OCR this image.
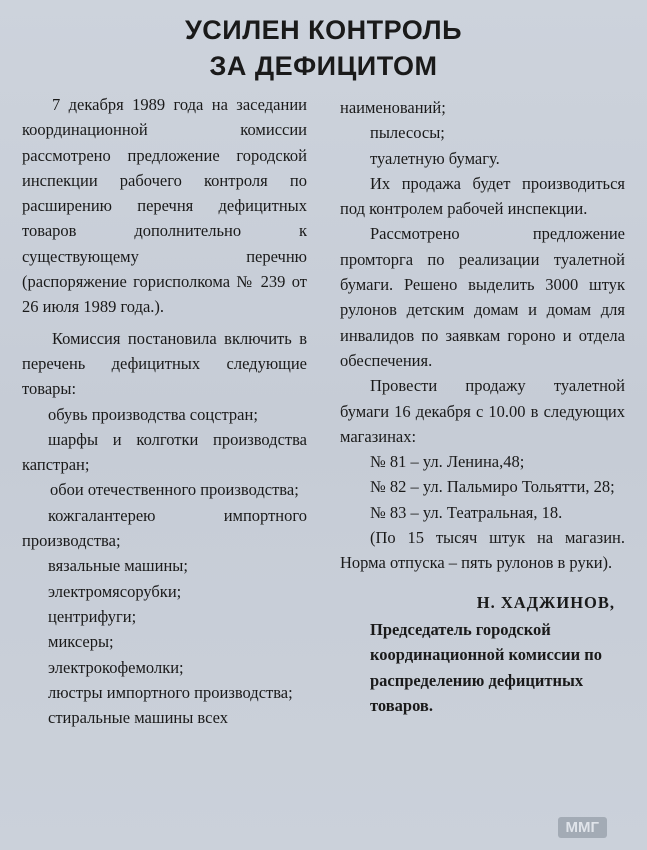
УСИЛЕН КОНТРОЛЬ
ЗА ДЕФИЦИТОМ
7 декабря 1989 года на заседании координационной комиссии рассмотрено предложение городской инспекции рабочего контроля по расширению перечня дефицитных товаров дополнительно к существующему перечню (распоряжение горисполкома № 239 от 26 июля 1989 года.).
Комиссия постановила включить в перечень дефицитных следующие товары:
обувь производства соцстран;
шарфы и колготки производства капстран;
обои отечественного производства;
кожгалантерею импортного производства;
вязальные машины;
электромясорубки;
центрифуги;
миксеры;
электрокофемолки;
люстры импортного производства;
стиральные машины всех
наименований;
пылесосы;
туалетную бумагу.
Их продажа будет производиться под контролем рабочей инспекции.
Рассмотрено предложение промторга по реализации туалетной бумаги. Решено выделить 3000 штук рулонов детским домам и домам для инвалидов по заявкам гороно и отдела обеспечения.
Провести продажу туалетной бумаги 16 декабря с 10.00 в следующих магазинах:
№ 81 – ул. Ленина,48;
№ 82 – ул. Пальмиро Тольятти, 28;
№ 83 – ул. Театральная, 18.
(По 15 тысяч штук на магазин. Норма отпуска – пять рулонов в руки).
Н. ХАДЖИНОВ,
Председатель городской координационной комиссии по распределению дефицитных товаров.
ММГ
